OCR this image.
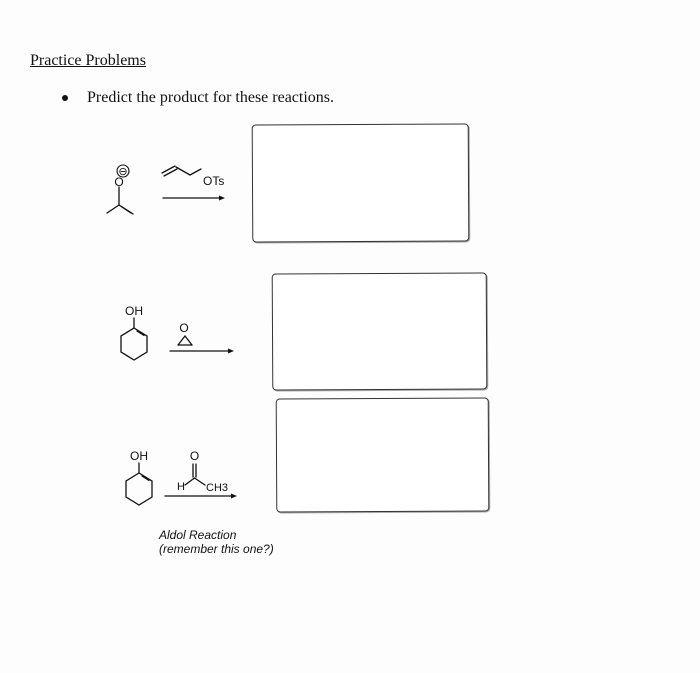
Practice Problems
Predict the product for these reactions.
⊖
O	OTs
OH
O
OH	O
H CH3
Aldol Reaction
(remember this one?)
